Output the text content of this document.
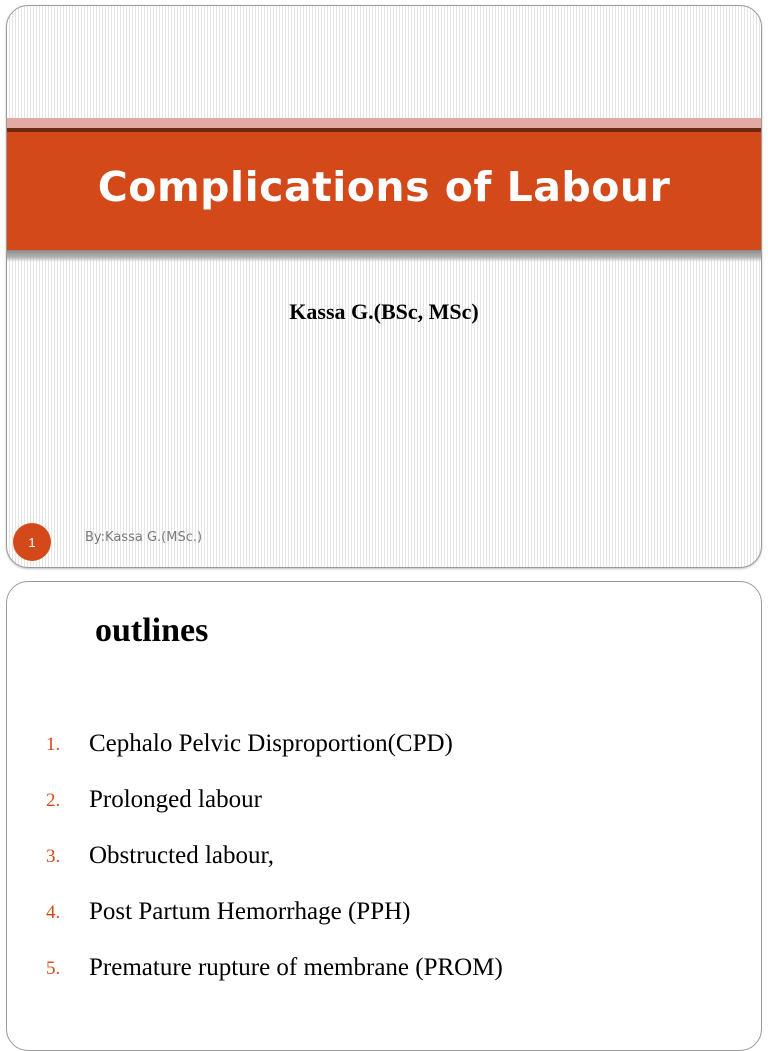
Complications of Labour
Kassa G.(BSc, MSc)
1	By:Kassa G.(MSc.)
outlines
1. Cephalo Pelvic Disproportion(CPD)
2. Prolonged labour
3. Obstructed labour,
4. Post Partum Hemorrhage (PPH)
5. Premature rupture of membrane (PROM)
